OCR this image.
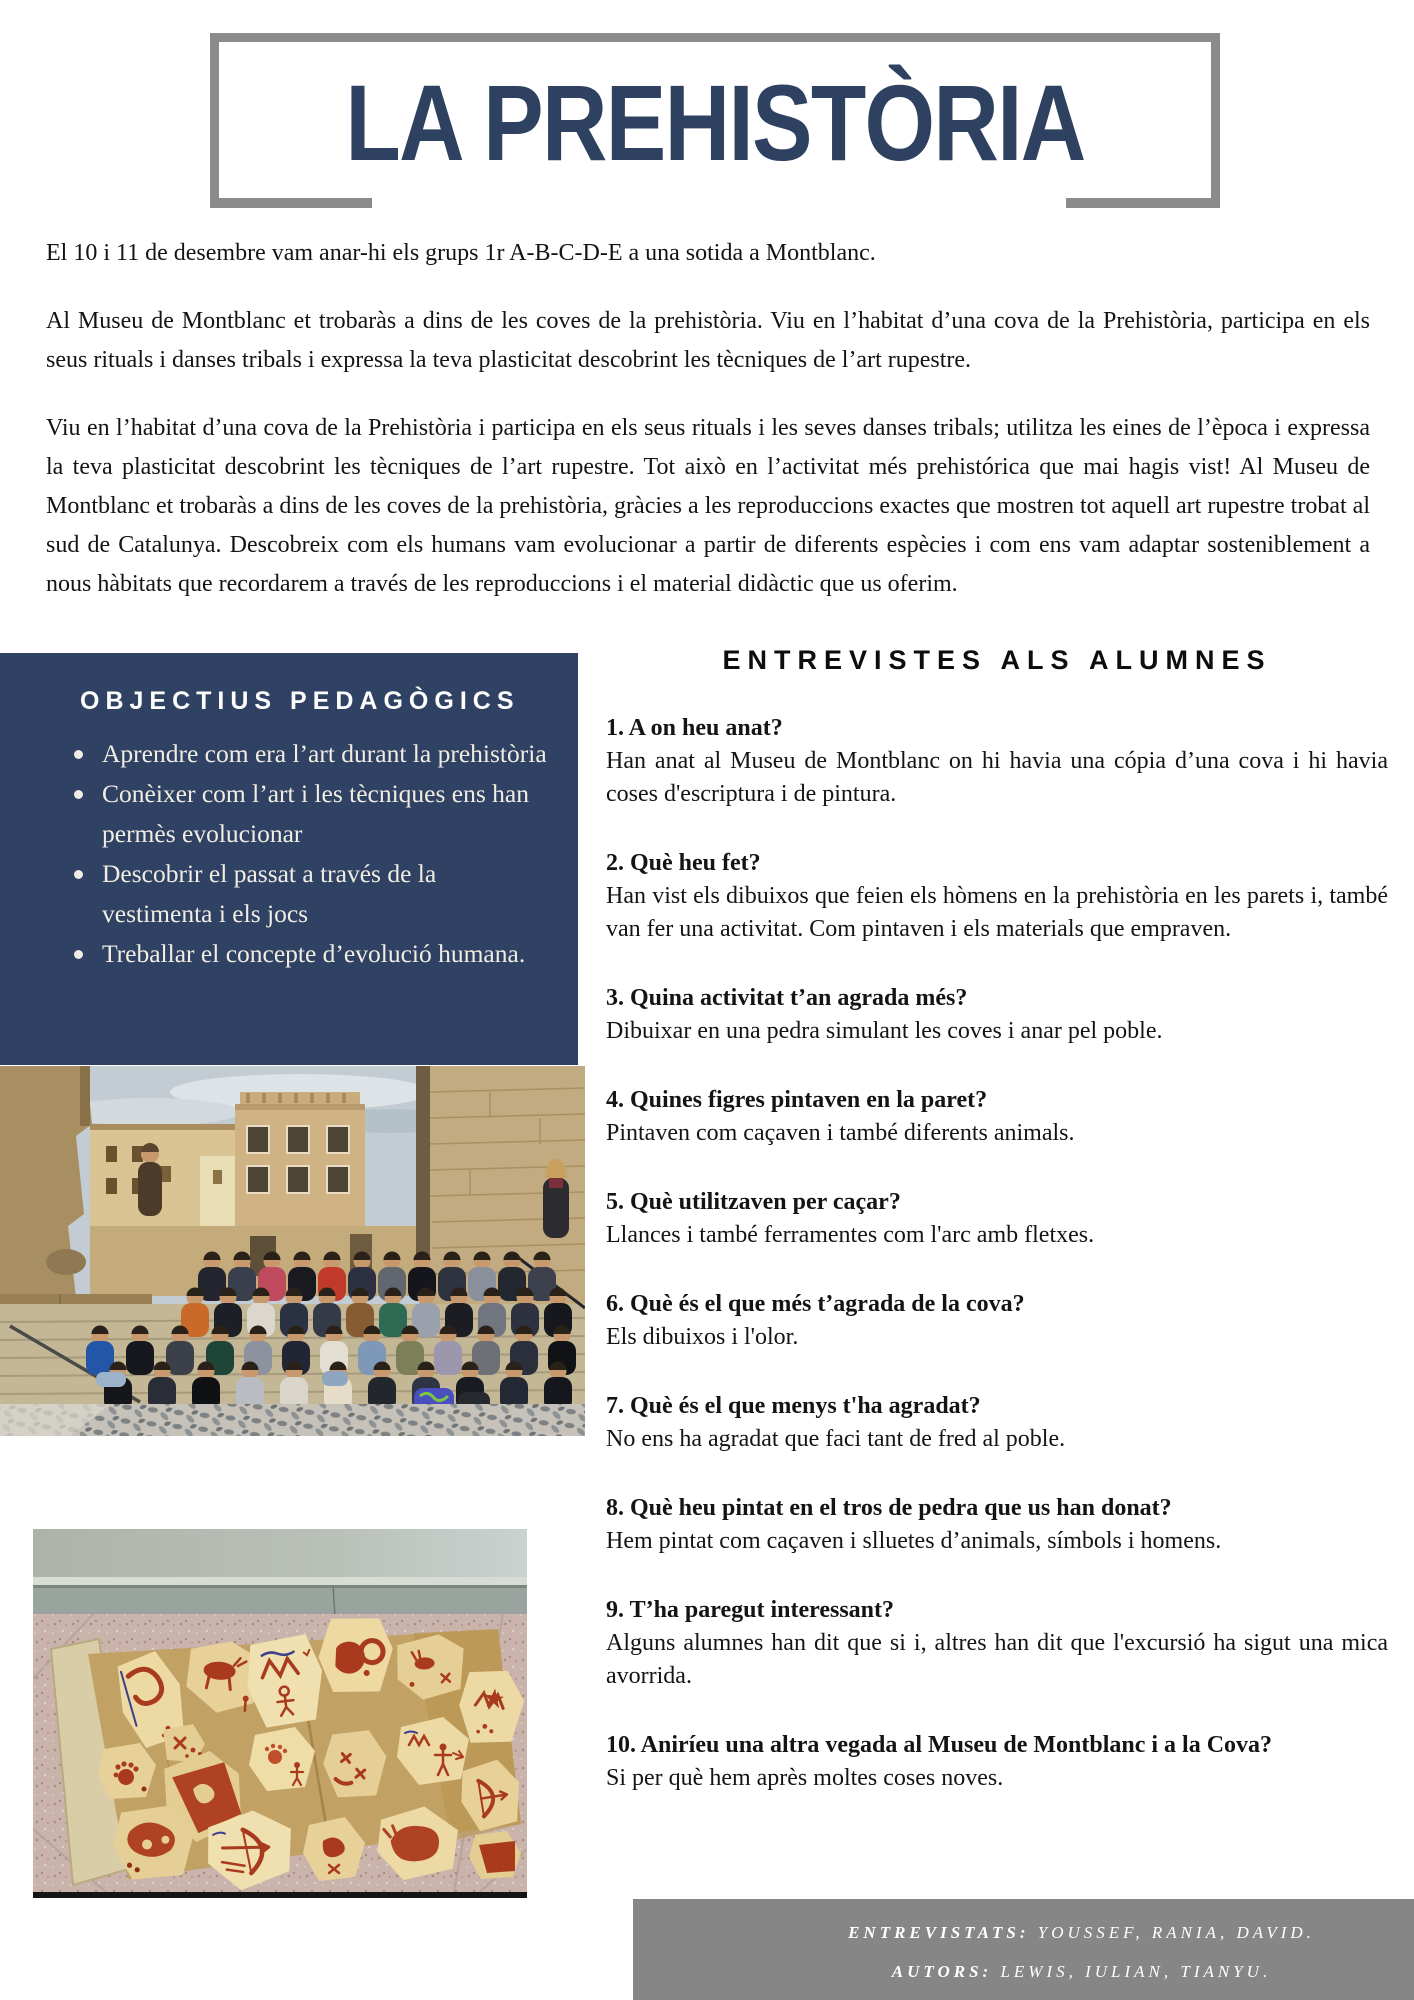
LA PREHISTÒRIA

El 10 i 11 de desembre vam anar-hi els grups 1r A-B-C-D-E a una sotida a Montblanc.

Al Museu de Montblanc et trobaràs a dins de les coves de la prehistòria. Viu en l’habitat d’una cova de la Prehistòria, participa en els seus rituals i danses tribals i expressa la teva plasticitat descobrint les tècniques de l’art rupestre.

Viu en l’habitat d’una cova de la Prehistòria i participa en els seus rituals i les seves danses tribals; utilitza les eines de l’època i expressa la teva plasticitat descobrint les tècniques de l’art rupestre. Tot això en l’activitat més prehistórica que mai hagis vist! Al Museu de Montblanc et trobaràs a dins de les coves de la prehistòria, gràcies a les reproduccions exactes que mostren tot aquell art rupestre trobat al sud de Catalunya. Descobreix com els humans vam evolucionar a partir de diferents espècies i com ens vam adaptar sosteniblement a nous hàbitats que recordarem a través de les reproduccions i el material didàctic que us oferim.

OBJECTIUS PEDAGÒGICS
Aprendre com era l’art durant la prehistòria
Conèixer com l’art i les tècniques ens han permès evolucionar
Descobrir el passat a través de la vestimenta i els jocs
Treballar el concepte d’evolució humana.
ENTREVISTES ALS ALUMNES
1. A on heu anat?
Han anat al Museu de Montblanc on hi havia una cópia d’una cova i hi havia coses d'escriptura i de pintura.
2. Què heu fet?
Han vist els dibuixos que feien els hòmens en la prehistòria en les parets i, també van fer una activitat. Com pintaven i els materials que empraven.
3. Quina activitat t’an agrada més?
Dibuixar en una pedra simulant les coves i anar pel poble.
4. Quines figres pintaven en la paret?
Pintaven com caçaven i també diferents animals.
5. Què utilitzaven per caçar?
Llances i també ferramentes com l'arc amb fletxes.
6. Què és el que més t’agrada de la cova?
Els dibuixos i l'olor.
7. Què és el que menys t'ha agradat?
No ens ha agradat que faci tant de fred al poble.
8. Què heu pintat en el tros de pedra que us han donat?
Hem pintat com caçaven i slluetes d’animals, símbols i homens.
9. T’ha paregut interessant?
Alguns alumnes han dit que si i, altres han dit que l'excursió ha sigut una mica avorrida.
10. Aniríeu una altra vegada al Museu de Montblanc i a la Cova?
Si per què hem après moltes coses noves.
ENTREVISTATS: YOUSSEF, RANIA, DAVID.
AUTORS: LEWIS, IULIAN, TIANYU.
